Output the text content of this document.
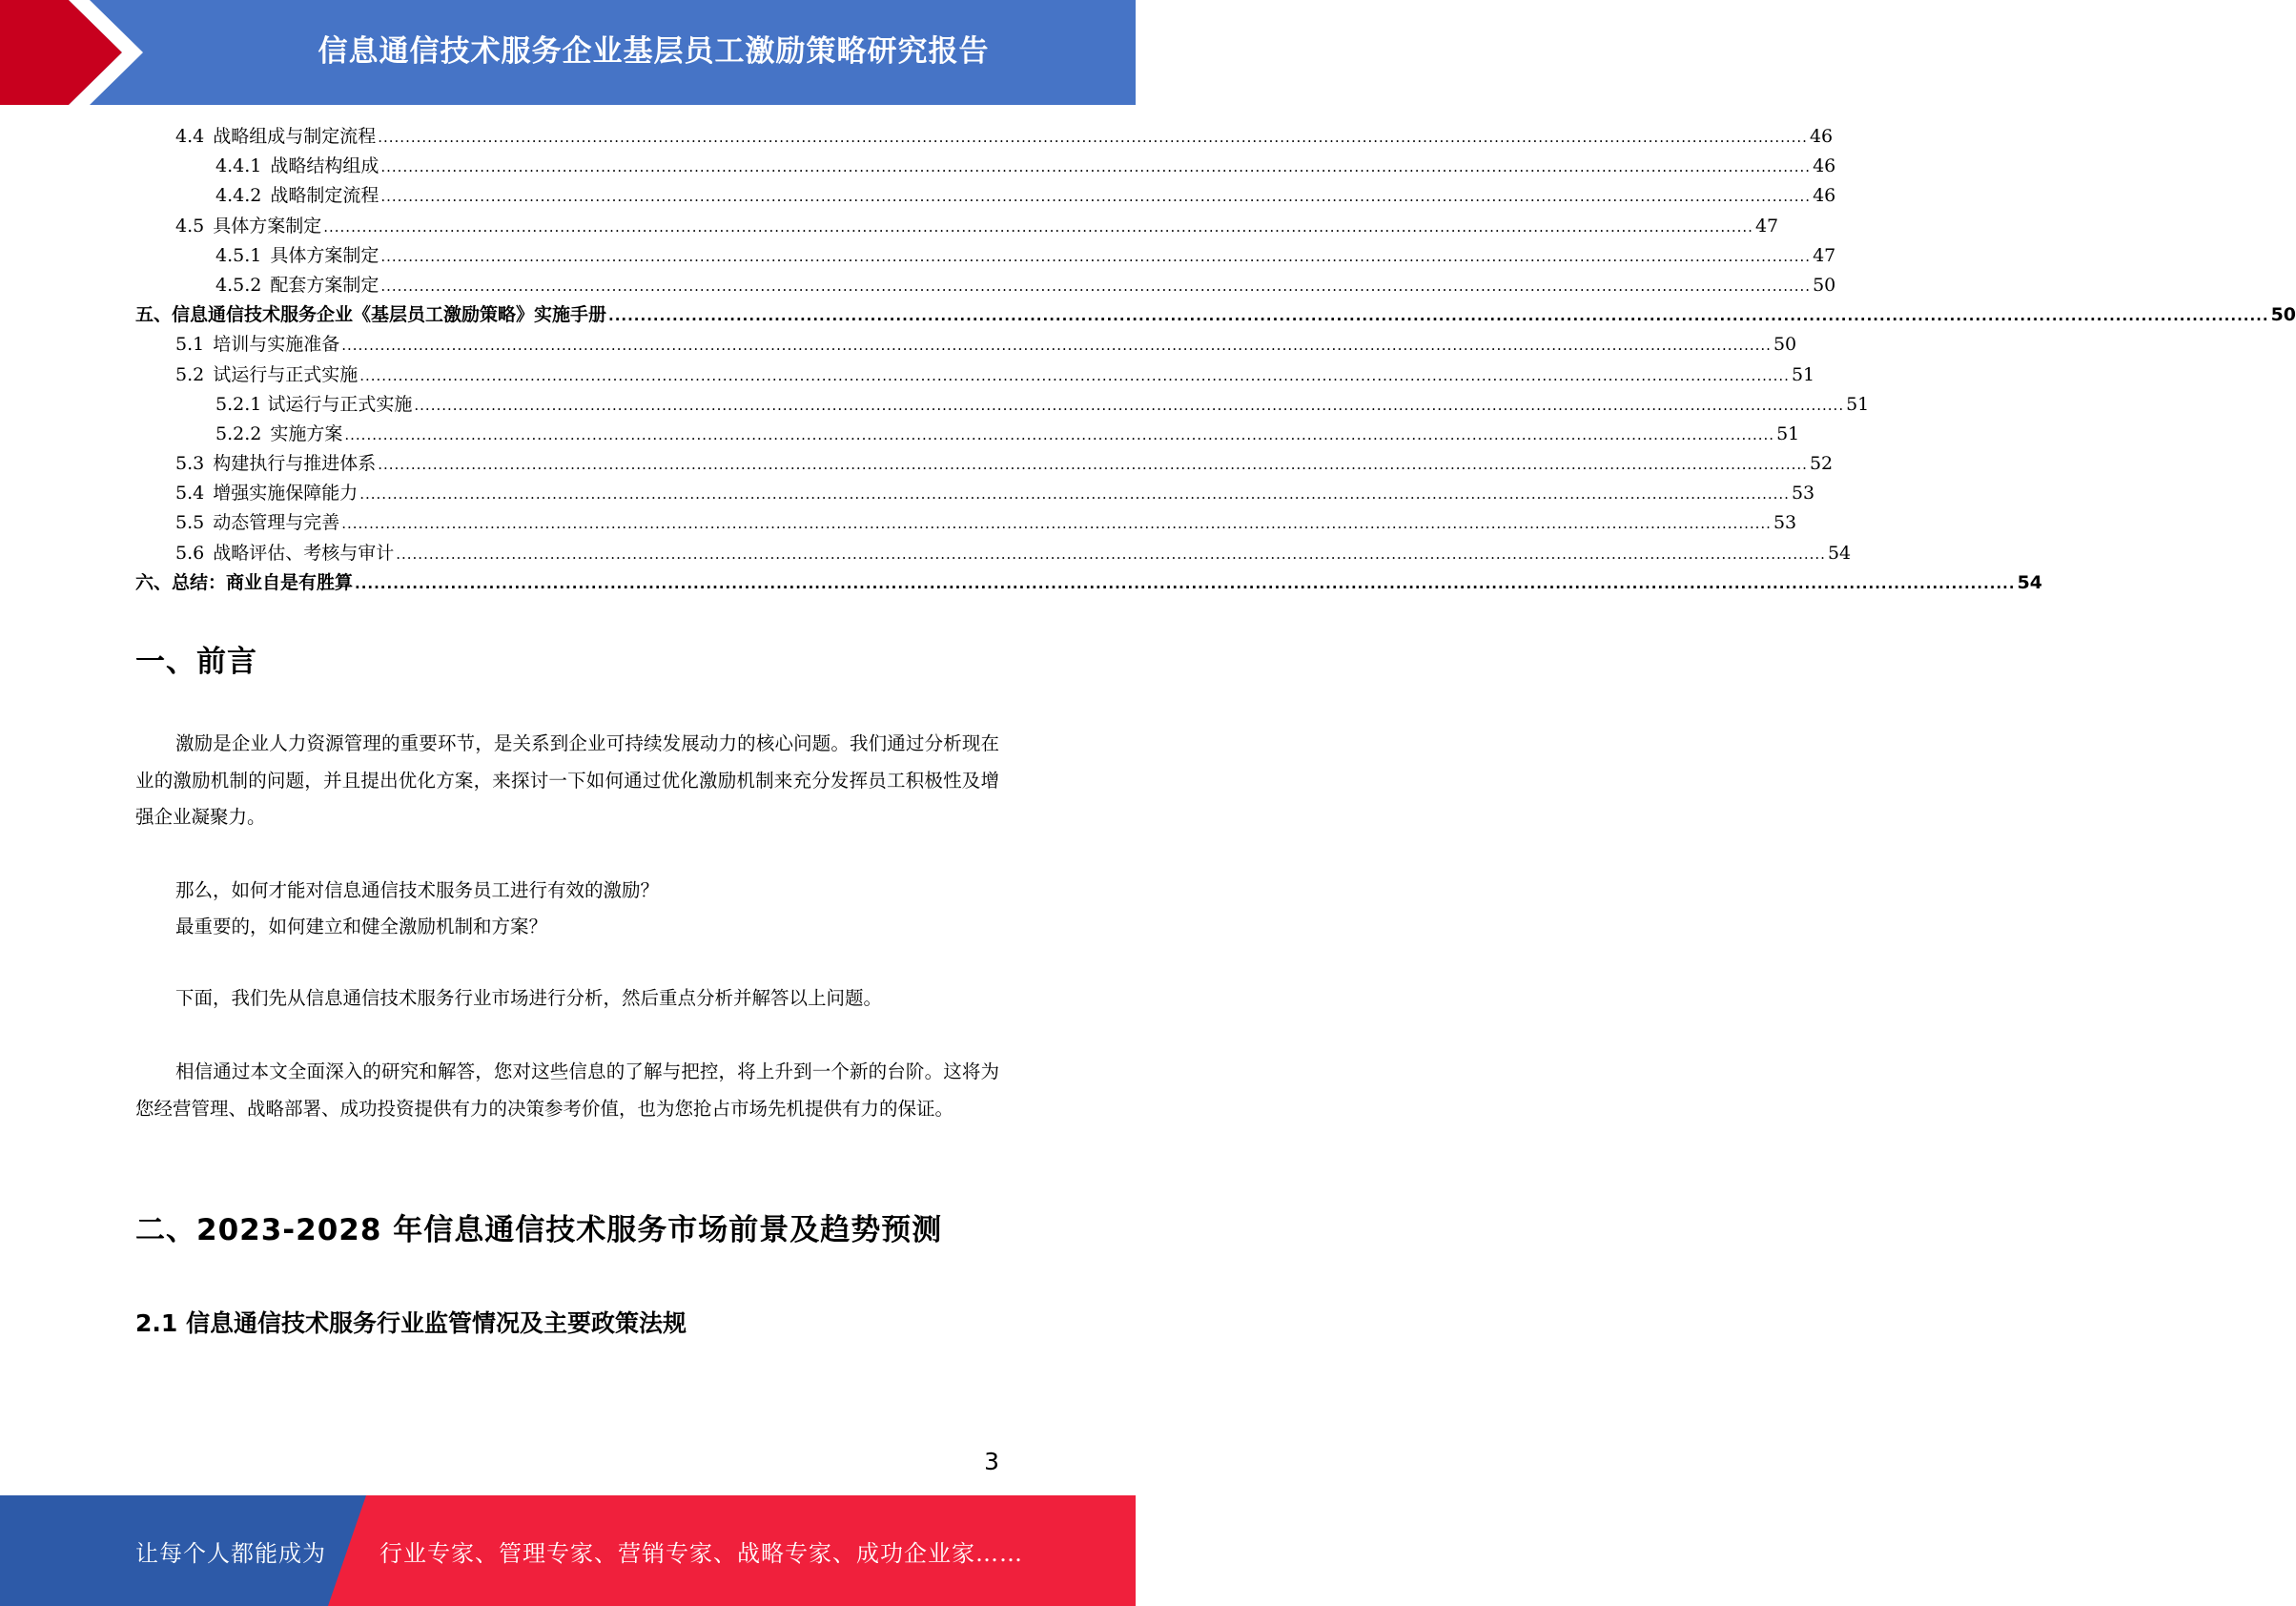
信息通信技术服务企业基层员工激励策略研究报告
4.4 战略组成与制定流程 .................................................................................................................................................................................................................................................................... 46
4.4.1 战略结构组成 .................................................................................................................................................................................................................................................................... 46
4.4.2 战略制定流程 .................................................................................................................................................................................................................................................................... 46
4.5 具体方案制定 .................................................................................................................................................................................................................................................................... 47
4.5.1 具体方案制定 .................................................................................................................................................................................................................................................................... 47
4.5.2 配套方案制定 .................................................................................................................................................................................................................................................................... 50
五、信息通信技术服务企业《基层员工激励策略》实施手册 .................................................................................................................................................................................................................................................................... 50
5.1 培训与实施准备 .................................................................................................................................................................................................................................................................... 50
5.2 试运行与正式实施 .................................................................................................................................................................................................................................................................... 51
5.2.1 试运行与正式实施 .................................................................................................................................................................................................................................................................... 51
5.2.2 实施方案 .................................................................................................................................................................................................................................................................... 51
5.3 构建执行与推进体系 .................................................................................................................................................................................................................................................................... 52
5.4 增强实施保障能力 .................................................................................................................................................................................................................................................................... 53
5.5 动态管理与完善 .................................................................................................................................................................................................................................................................... 53
5.6 战略评估、考核与审计 .................................................................................................................................................................................................................................................................... 54
六、总结：商业自是有胜算 .................................................................................................................................................................................................................................................................... 54
一、前言
激励是企业人力资源管理的重要环节，是关系到企业可持续发展动力的核心问题。我们通过分析现在业的激励机制的问题，并且提出优化方案，来探讨一下如何通过优化激励机制来充分发挥员工积极性及增强企业凝聚力。
那么，如何才能对信息通信技术服务员工进行有效的激励？
最重要的，如何建立和健全激励机制和方案？
下面，我们先从信息通信技术服务行业市场进行分析，然后重点分析并解答以上问题。
相信通过本文全面深入的研究和解答，您对这些信息的了解与把控，将上升到一个新的台阶。这将为您经营管理、战略部署、成功投资提供有力的决策参考价值，也为您抢占市场先机提供有力的保证。
二、2023-2028 年信息通信技术服务市场前景及趋势预测
2.1 信息通信技术服务行业监管情况及主要政策法规
3
让每个人都能成为 行业专家、管理专家、营销专家、战略专家、成功企业家……
